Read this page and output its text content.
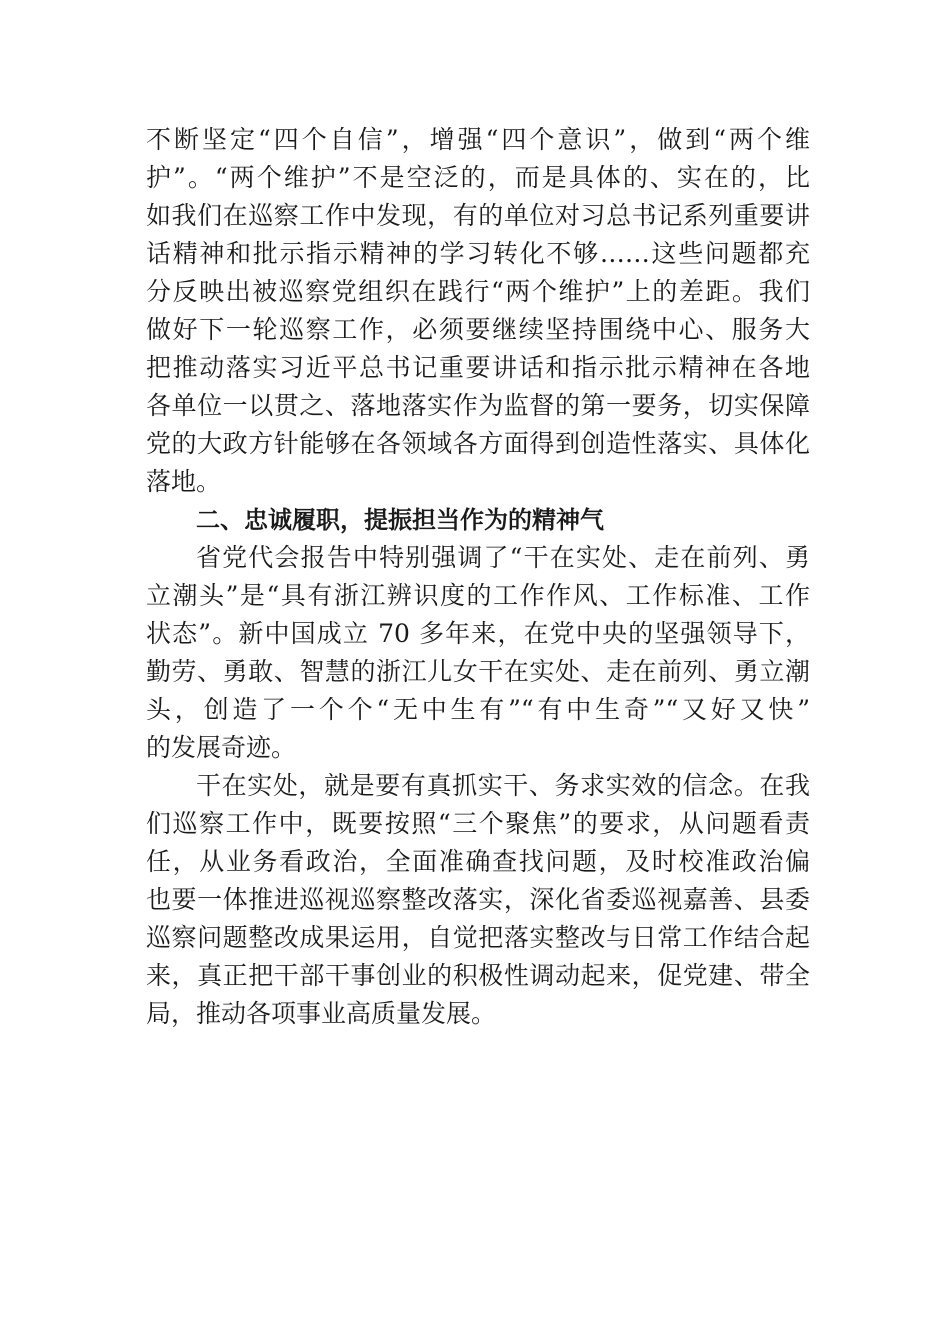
不断坚定“四个自信”，增强“四个意识”，做到“两个维
护”。“两个维护”不是空泛的，而是具体的、实在的，比
如我们在巡察工作中发现，有的单位对习总书记系列重要讲
话精神和批示指示精神的学习转化不够……这些问题都充
分反映出被巡察党组织在践行“两个维护”上的差距。我们
做好下一轮巡察工作，必须要继续坚持围绕中心、服务大
把推动落实习近平总书记重要讲话和指示批示精神在各地
各单位一以贯之、落地落实作为监督的第一要务，切实保障
党的大政方针能够在各领域各方面得到创造性落实、具体化
落地。
二、忠诚履职，提振担当作为的精神气
省党代会报告中特别强调了“干在实处、走在前列、勇
立潮头”是“具有浙江辨识度的工作作风、工作标准、工作
状态”。新中国成立 70 多年来，在党中央的坚强领导下，
勤劳、勇敢、智慧的浙江儿女干在实处、走在前列、勇立潮
头，创造了一个个“无中生有”“有中生奇”“又好又快”
的发展奇迹。
干在实处，就是要有真抓实干、务求实效的信念。在我
们巡察工作中，既要按照“三个聚焦”的要求，从问题看责
任，从业务看政治，全面准确查找问题，及时校准政治偏
也要一体推进巡视巡察整改落实，深化省委巡视嘉善、县委
巡察问题整改成果运用，自觉把落实整改与日常工作结合起
来，真正把干部干事创业的积极性调动起来，促党建、带全
局，推动各项事业高质量发展。
